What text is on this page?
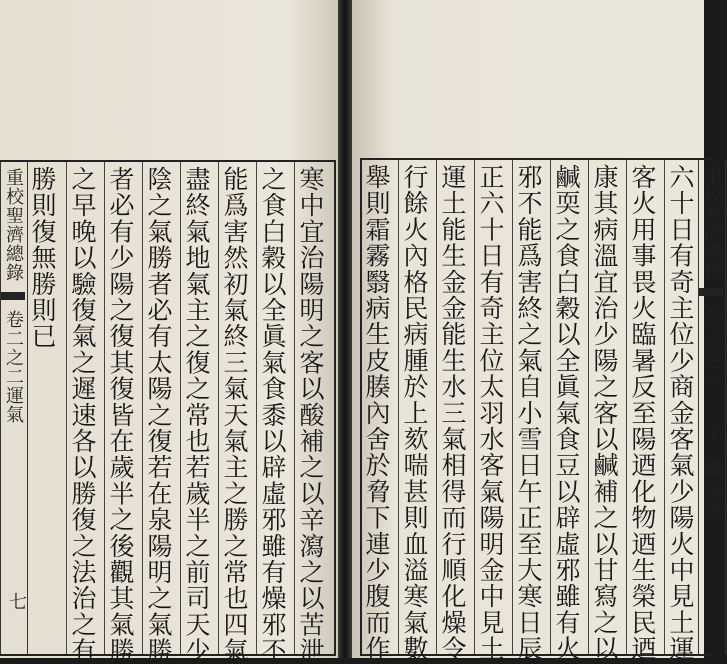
重校聖濟總錄
卷二之二運氣
七
勝則復無勝則已 之早晚以驗復氣之遲速各以勝復之法治之有 者必有少陽之復其復皆在歲半之後觀其氣勝 陰之氣勝者必有太陽之復若在泉陽明之氣勝 盡終氣地氣主之復之常也若歲半之前司天少 能爲害然初氣終三氣天氣主之勝之常也四氣 之食白穀以全眞氣食黍以辟虛邪雖有燥邪不 寒中宜治陽明之客以酸補之以辛瀉之以苦泄 舉則霜霧翳病生皮腠內舍於脅下連少腹而作 行餘火內格民病腫於上欬喘甚則血溢寒氣數 運土能生金金能生水三氣相得而行順化燥令 正六十日有奇主位太羽水客氣陽明金中見土 邪不能爲害終之氣自小雪日午正至大寒日辰 鹹耎之食白穀以全眞氣食豆以辟虛邪雖有火 康其病溫宜治少陽之客以鹹補之以甘寫之以 客火用事畏火臨暑反至陽迺化物迺生榮民迺 六十日有奇主位少商金客氣少陽火中見土運 重校聖濟總錄
卷二之二
七
藏達堂
